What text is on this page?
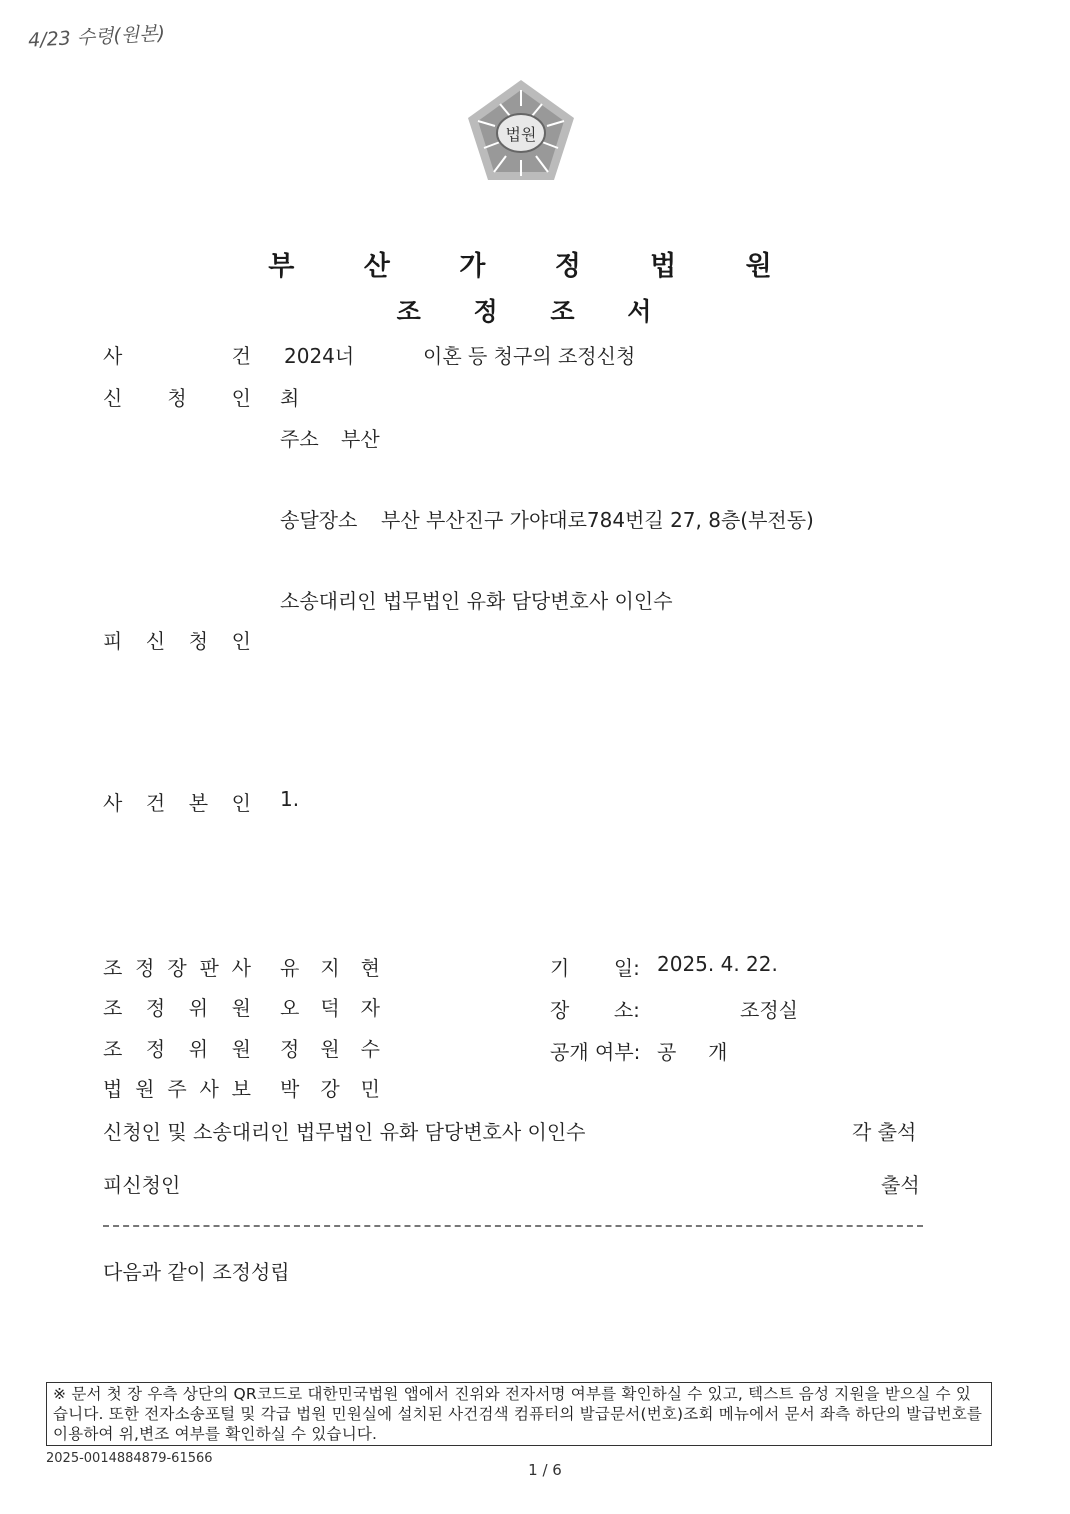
4/23 수령(원본)
법원
부 산 가 정 법 원
조 정 조 서
사	건 2024너	이혼 등 청구의 조정신청
신 청 인 최
주소 부산
송달장소 부산 부산진구 가야대로784번길 27, 8층(부전동)
소송대리인 법무법인 유화 담당변호사 이인수
피 신 청 인
사 건 본 인 1.
조 정 장 판 사 유 지 현
조 정 위 원 오 덕 자
조 정 위 원 정 원 수
법 원 주 사 보 박 강 민
기       일: 2025. 4. 22.
장       소:	조정실
공개 여부: 공     개
신청인 및 소송대리인 법무법인 유화 담당변호사 이인수	각 출석
피신청인	출석
다음과 같이 조정성립
※ 문서 첫 장 우측 상단의 QR코드로 대한민국법원 앱에서 진위와 전자서명 여부를 확인하실 수 있고, 텍스트 음성 지원을 받으실 수 있습니다. 또한 전자소송포털 및 각급 법원 민원실에 설치된 사건검색 컴퓨터의 발급문서(번호)조회 메뉴에서 문서 좌측 하단의 발급번호를 이용하여 위,변조 여부를 확인하실 수 있습니다.
2025-0014884879-61566
1 / 6
